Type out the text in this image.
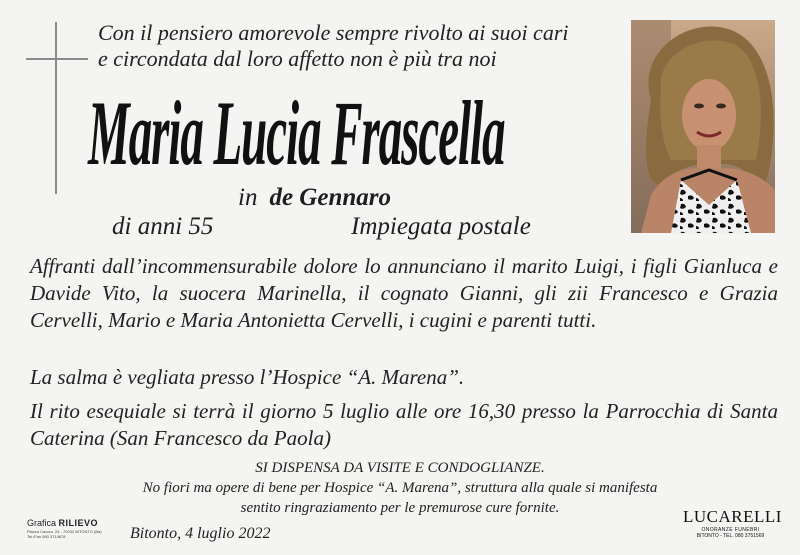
Con il pensiero amorevole sempre rivolto ai suoi cari
e circondata dal loro affetto non è più tra noi
Maria Lucia Frascella
in de Gennaro
di anni 55	Impiegata postale
Affranti dall’incommensurabile dolore lo annunciano il marito Luigi, i figli Gianluca e Davide Vito, la suocera Marinella, il cognato Gianni, gli zii Francesco e Grazia Cervelli, Mario e Maria Antonietta Cervelli, i cugini e parenti tutti.
La salma è vegliata presso l’Hospice “A. Marena”.
Il rito esequiale si terrà il giorno 5 luglio alle ore 16,30 presso la Parrocchia di Santa Caterina (San Francesco da Paola)
SI DISPENSA DA VISITE E CONDOGLIANZE.
No fiori ma opere di bene per Hospice “A. Marena”, struttura alla quale si manifesta
sentito ringraziamento per le premurose cure fornite.
Grafica RILIEVO
Piazza Cavour, 24 - 70032 BITONTO (Ba)
Tel./Fax 080 3714878	Bitonto, 4 luglio 2022
LUCARELLI
ONORANZE FUNEBRI
BITONTO - TEL. 080 3751569
